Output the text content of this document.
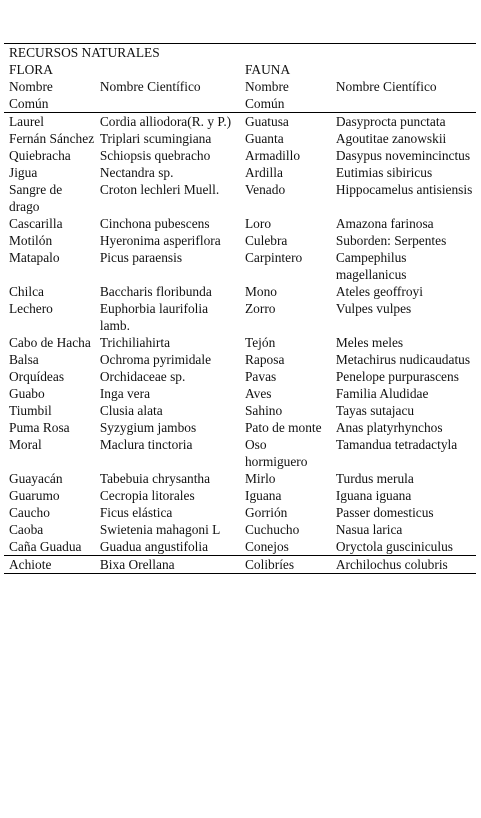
RECURSOS NATURALES			
FLORA		FAUNA	
Nombre Común	Nombre Científico	Nombre Común	Nombre Científico
Laurel	Cordia alliodora(R. y P.)	Guatusa	Dasyprocta punctata
Fernán Sánchez	Triplari scumingiana	Guanta	Agoutitae zanowskii
Quiebracha	Schiopsis quebracho	Armadillo	Dasypus novemincinctus
Jigua	Nectandra sp.	Ardilla	Eutimias sibiricus
Sangre de drago	Croton lechleri Muell.	Venado	Hippocamelus antisiensis
Cascarilla	Cinchona pubescens	Loro	Amazona farinosa
Motilón	Hyeronima asperiflora	Culebra	Suborden: Serpentes
Matapalo	Picus paraensis	Carpintero	Campephilus magellanicus
Chilca	Baccharis floribunda	Mono	Ateles geoffroyi
Lechero	Euphorbia laurifolia lamb.	Zorro	Vulpes vulpes
Cabo de Hacha	Trichiliahirta	Tejón	Meles meles
Balsa	Ochroma pyrimidale	Raposa	Metachirus nudicaudatus
Orquídeas	Orchidaceae sp.	Pavas	Penelope purpurascens
Guabo	Inga vera	Aves	Familia Aludidae
Tiumbil	Clusia alata	Sahino	Tayas sutajacu
Puma Rosa	Syzygium jambos	Pato de monte	Anas platyrhynchos
Moral	Maclura tinctoria	Oso hormiguero	Tamandua tetradactyla
Guayacán	Tabebuia chrysantha	Mirlo	Turdus merula
Guarumo	Cecropia litorales	Iguana	Iguana iguana
Caucho	Ficus elástica	Gorrión	Passer domesticus
Caoba	Swietenia mahagoni L	Cuchucho	Nasua larica
Caña Guadua	Guadua angustifolia	Conejos	Oryctola gusciniculus
Achiote	Bixa Orellana	Colibríes	Archilochus colubris
